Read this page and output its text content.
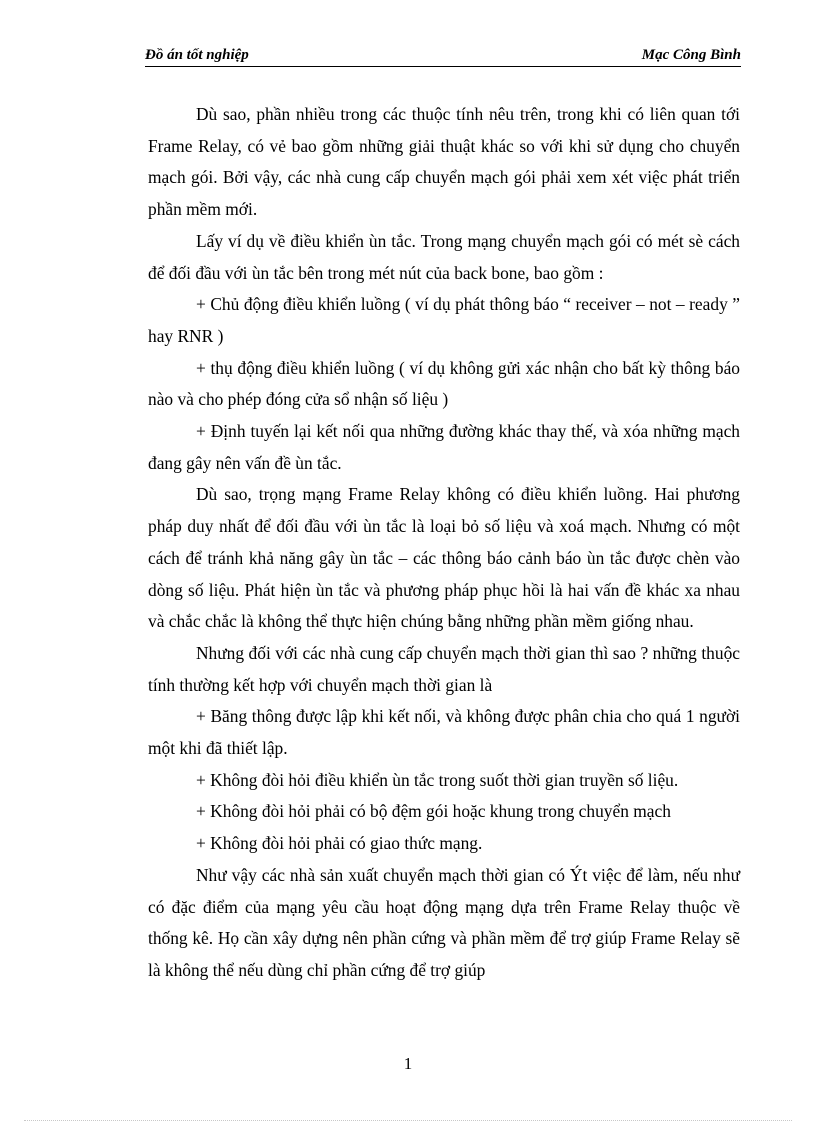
Đồ án tốt nghiệp	Mạc Công Bình

Dù sao, phần nhiều trong các thuộc tính nêu trên, trong khi có liên quan tới Frame Relay, có vẻ bao gồm những giải thuật khác so với khi sử dụng cho chuyển mạch gói. Bởi vậy, các nhà cung cấp chuyển mạch gói phải xem xét việc phát triển phần mềm mới.

Lấy ví dụ về điều khiển ùn tắc. Trong mạng chuyển mạch gói có mét sè cách để đối đầu với ùn tắc bên trong mét nút của back bone, bao gồm :

+ Chủ động điều khiển luồng ( ví dụ phát thông báo “ receiver – not – ready ” hay RNR )

+ thụ động điều khiển luồng ( ví dụ không gửi xác nhận cho bất kỳ thông báo nào và cho phép đóng cửa sổ nhận số liệu )

+ Định tuyến lại kết nối qua những đường khác thay thế, và xóa những mạch đang gây nên vấn đề ùn tắc.

Dù sao, trọng mạng Frame Relay không có điều khiển luồng. Hai phương pháp duy nhất để đối đầu với ùn tắc là loại bỏ số liệu và xoá mạch. Nhưng có một cách để tránh khả năng gây ùn tắc – các thông báo cảnh báo ùn tắc được chèn vào dòng số liệu. Phát hiện ùn tắc và phương pháp phục hồi là hai vấn đề khác xa nhau và chắc chắc là không thể thực hiện chúng bằng những phần mềm giống nhau.

Nhưng đối với các nhà cung cấp chuyển mạch thời gian thì sao ? những thuộc tính thường kết hợp với chuyển mạch thời gian là

+ Băng thông được lập khi kết nối, và không được phân chia cho quá 1 người một khi đã thiết lập.

+ Không đòi hỏi điều khiển ùn tắc trong suốt thời gian truyền số liệu.

+ Không đòi hỏi phải có bộ đệm gói hoặc khung trong chuyển mạch

+ Không đòi hỏi phải có giao thức mạng.

Như vậy các nhà sản xuất chuyển mạch thời gian có Ýt việc để làm, nếu như có đặc điểm của mạng yêu cầu hoạt động mạng dựa trên Frame Relay thuộc về thống kê. Họ cần xây dựng nên phần cứng và phần mềm để trợ giúp Frame Relay sẽ là không thể nếu dùng chỉ phần cứng để trợ giúp

1
